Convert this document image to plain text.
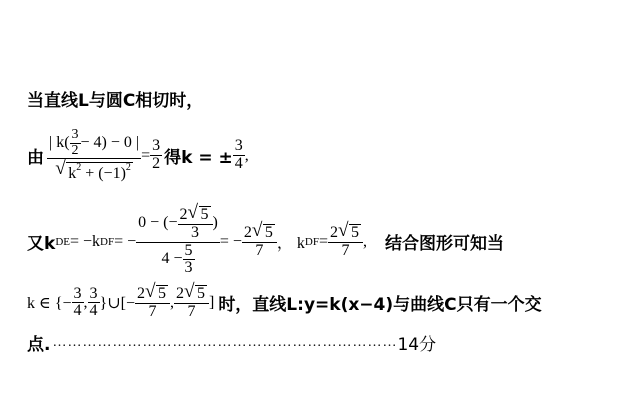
当直线L与圆C相切时，
由 $\frac{| k( \frac{3}{2} - 4) - 0 |}{√ k^2 + (-1)^2} = \frac{3}{2}$ 得k = ± $\frac{3}{4}$ ,
又k DE = −k DF = − $\frac{0 - (- \frac{2 √ 5}{3} )}{4 - \frac{5}{3}}$ = − $\frac{2 √ 5}{7}$ ， k DF = $\frac{2 √ 5}{7}$ , 结合图形可知当
k ∈ {− $\frac{3}{4}$ , $\frac{3}{4}$ }∪[− $\frac{2 √ 5}{7}$ , $\frac{2 √ 5}{7}$ ] 时，直线L:y=k(x−4)与曲线C只有一个交
点. …………………………………………………………… 14分
